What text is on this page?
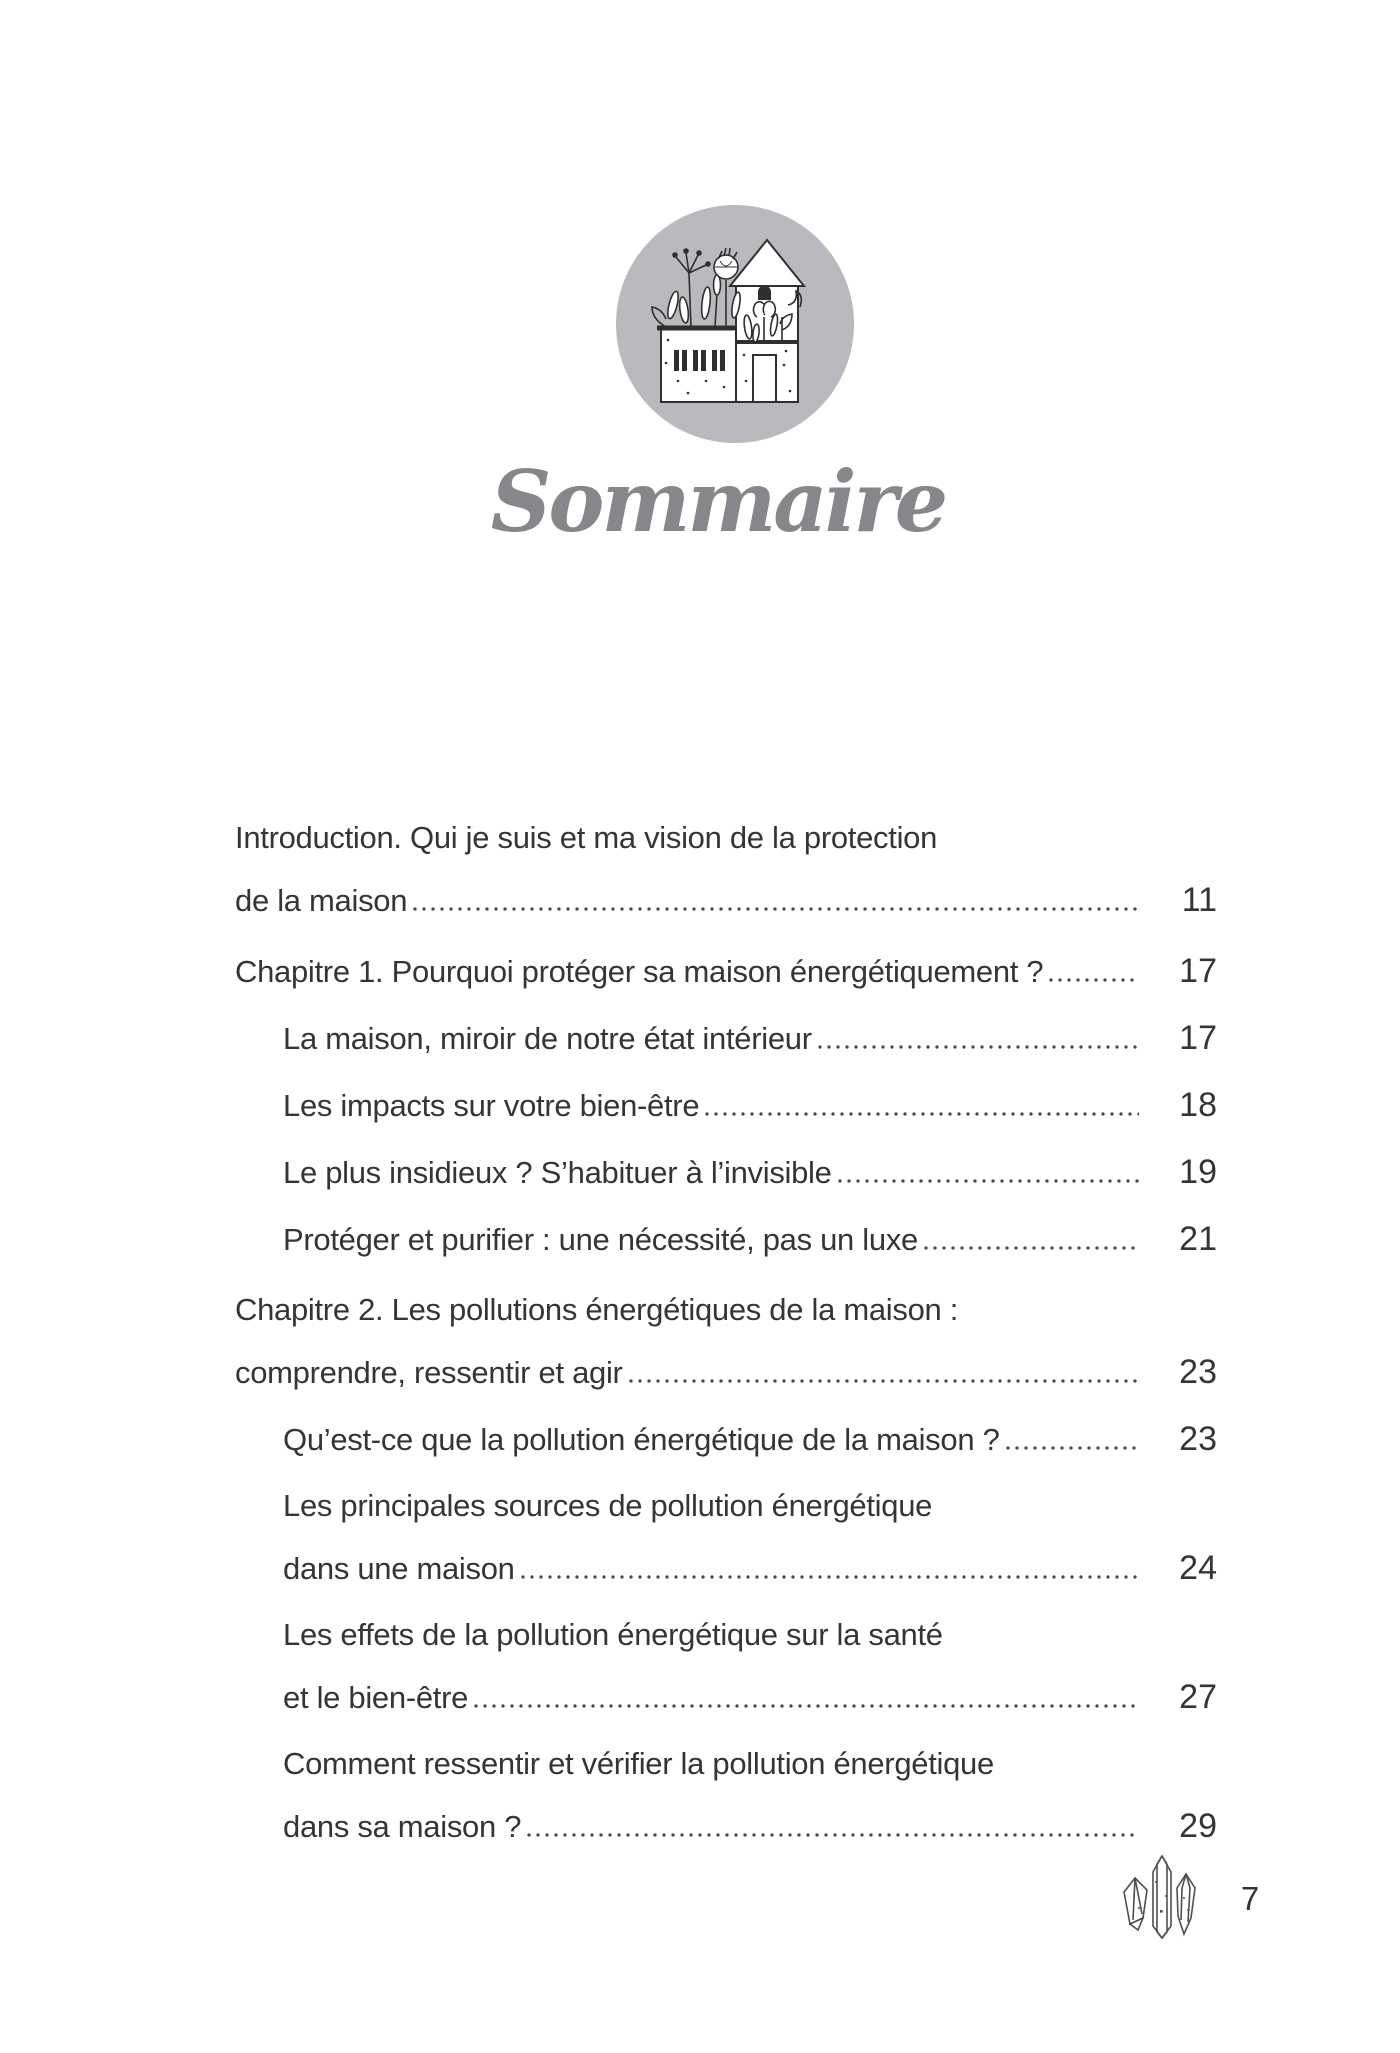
Sommaire
Introduction. Qui je suis et ma vision de la protection
de la maison	11
Chapitre 1. Pourquoi protéger sa maison énergétiquement ?	17
La maison, miroir de notre état intérieur	17
Les impacts sur votre bien-être	18
Le plus insidieux ? S’habituer à l’invisible	19
Protéger et purifier : une nécessité, pas un luxe	21
Chapitre 2. Les pollutions énergétiques de la maison :
comprendre, ressentir et agir	23
Qu’est-ce que la pollution énergétique de la maison ?	23
Les principales sources de pollution énergétique
dans une maison	24
Les effets de la pollution énergétique sur la santé
et le bien-être	27
Comment ressentir et vérifier la pollution énergétique
dans sa maison ?	29
7
